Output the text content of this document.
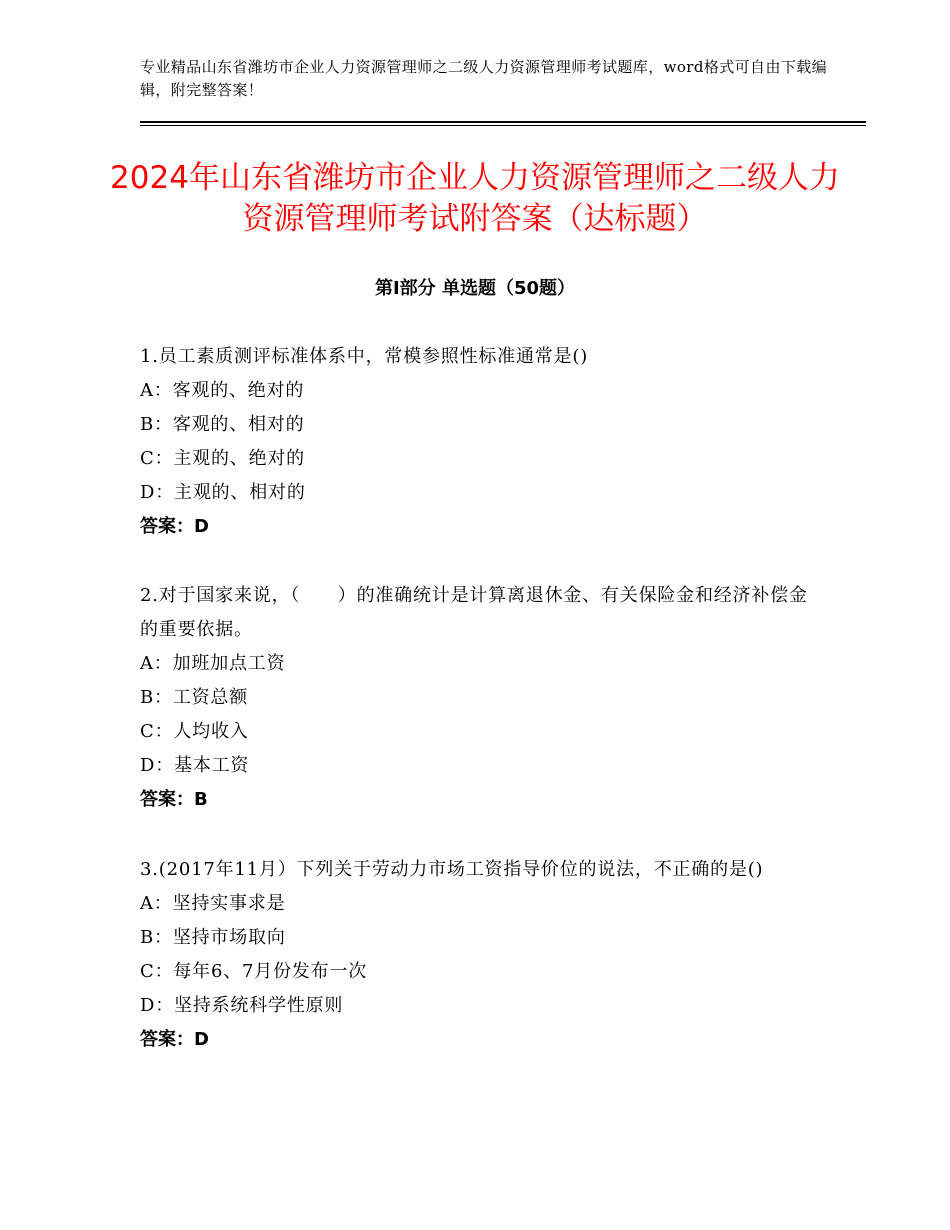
专业精品山东省潍坊市企业人力资源管理师之二级人力资源管理师考试题库，word格式可自由下载编辑，附完整答案！
2024年山东省潍坊市企业人力资源管理师之二级人力资源管理师考试附答案（达标题）
第Ⅰ部分 单选题（50题）

1.员工素质测评标准体系中，常模参照性标准通常是()

A：客观的、绝对的

B：客观的、相对的

C：主观的、绝对的

D：主观的、相对的

答案：D

2.对于国家来说，（　　）的准确统计是计算离退休金、有关保险金和经济补偿金的重要依据。

A：加班加点工资

B：工资总额

C：人均收入

D：基本工资

答案：B

3.(2017年11月）下列关于劳动力市场工资指导价位的说法，不正确的是()

A：坚持实事求是

B：坚持市场取向

C：每年6、7月份发布一次

D：坚持系统科学性原则

答案：D
